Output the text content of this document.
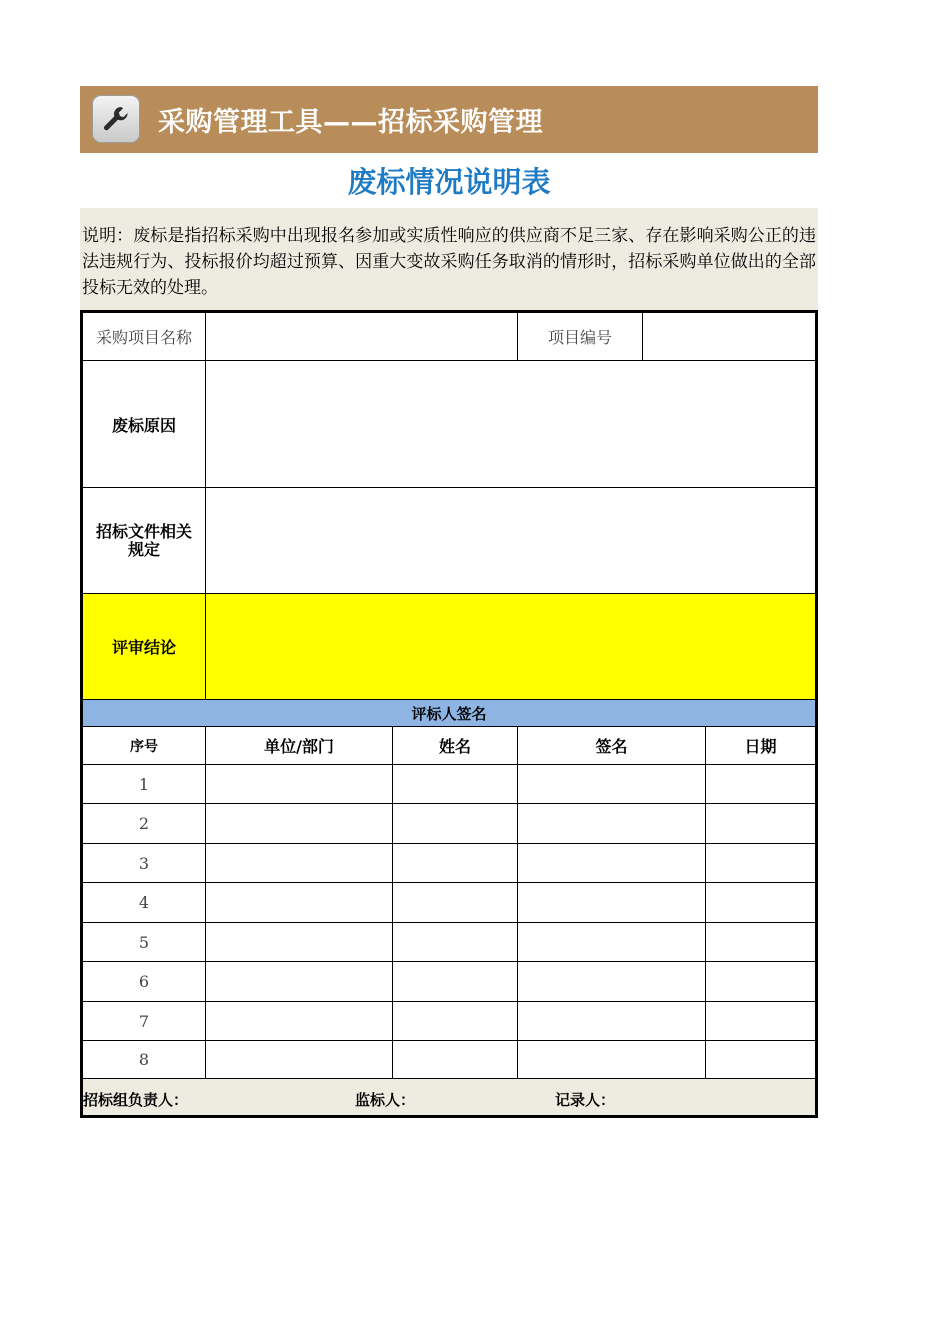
采购管理工具——招标采购管理
废标情况说明表
说明：废标是指招标采购中出现报名参加或实质性响应的供应商不足三家、存在影响采购公正的违法违规行为、投标报价均超过预算、因重大变故采购任务取消的情形时，招标采购单位做出的全部投标无效的处理。
采购项目名称	项目编号
废标原因
招标文件相关规定
评审结论
评标人签名
序号	单位/部门	姓名	签名	日期
1
2
3
4
5
6
7
8
招标组负责人：	监标人：	记录人：
